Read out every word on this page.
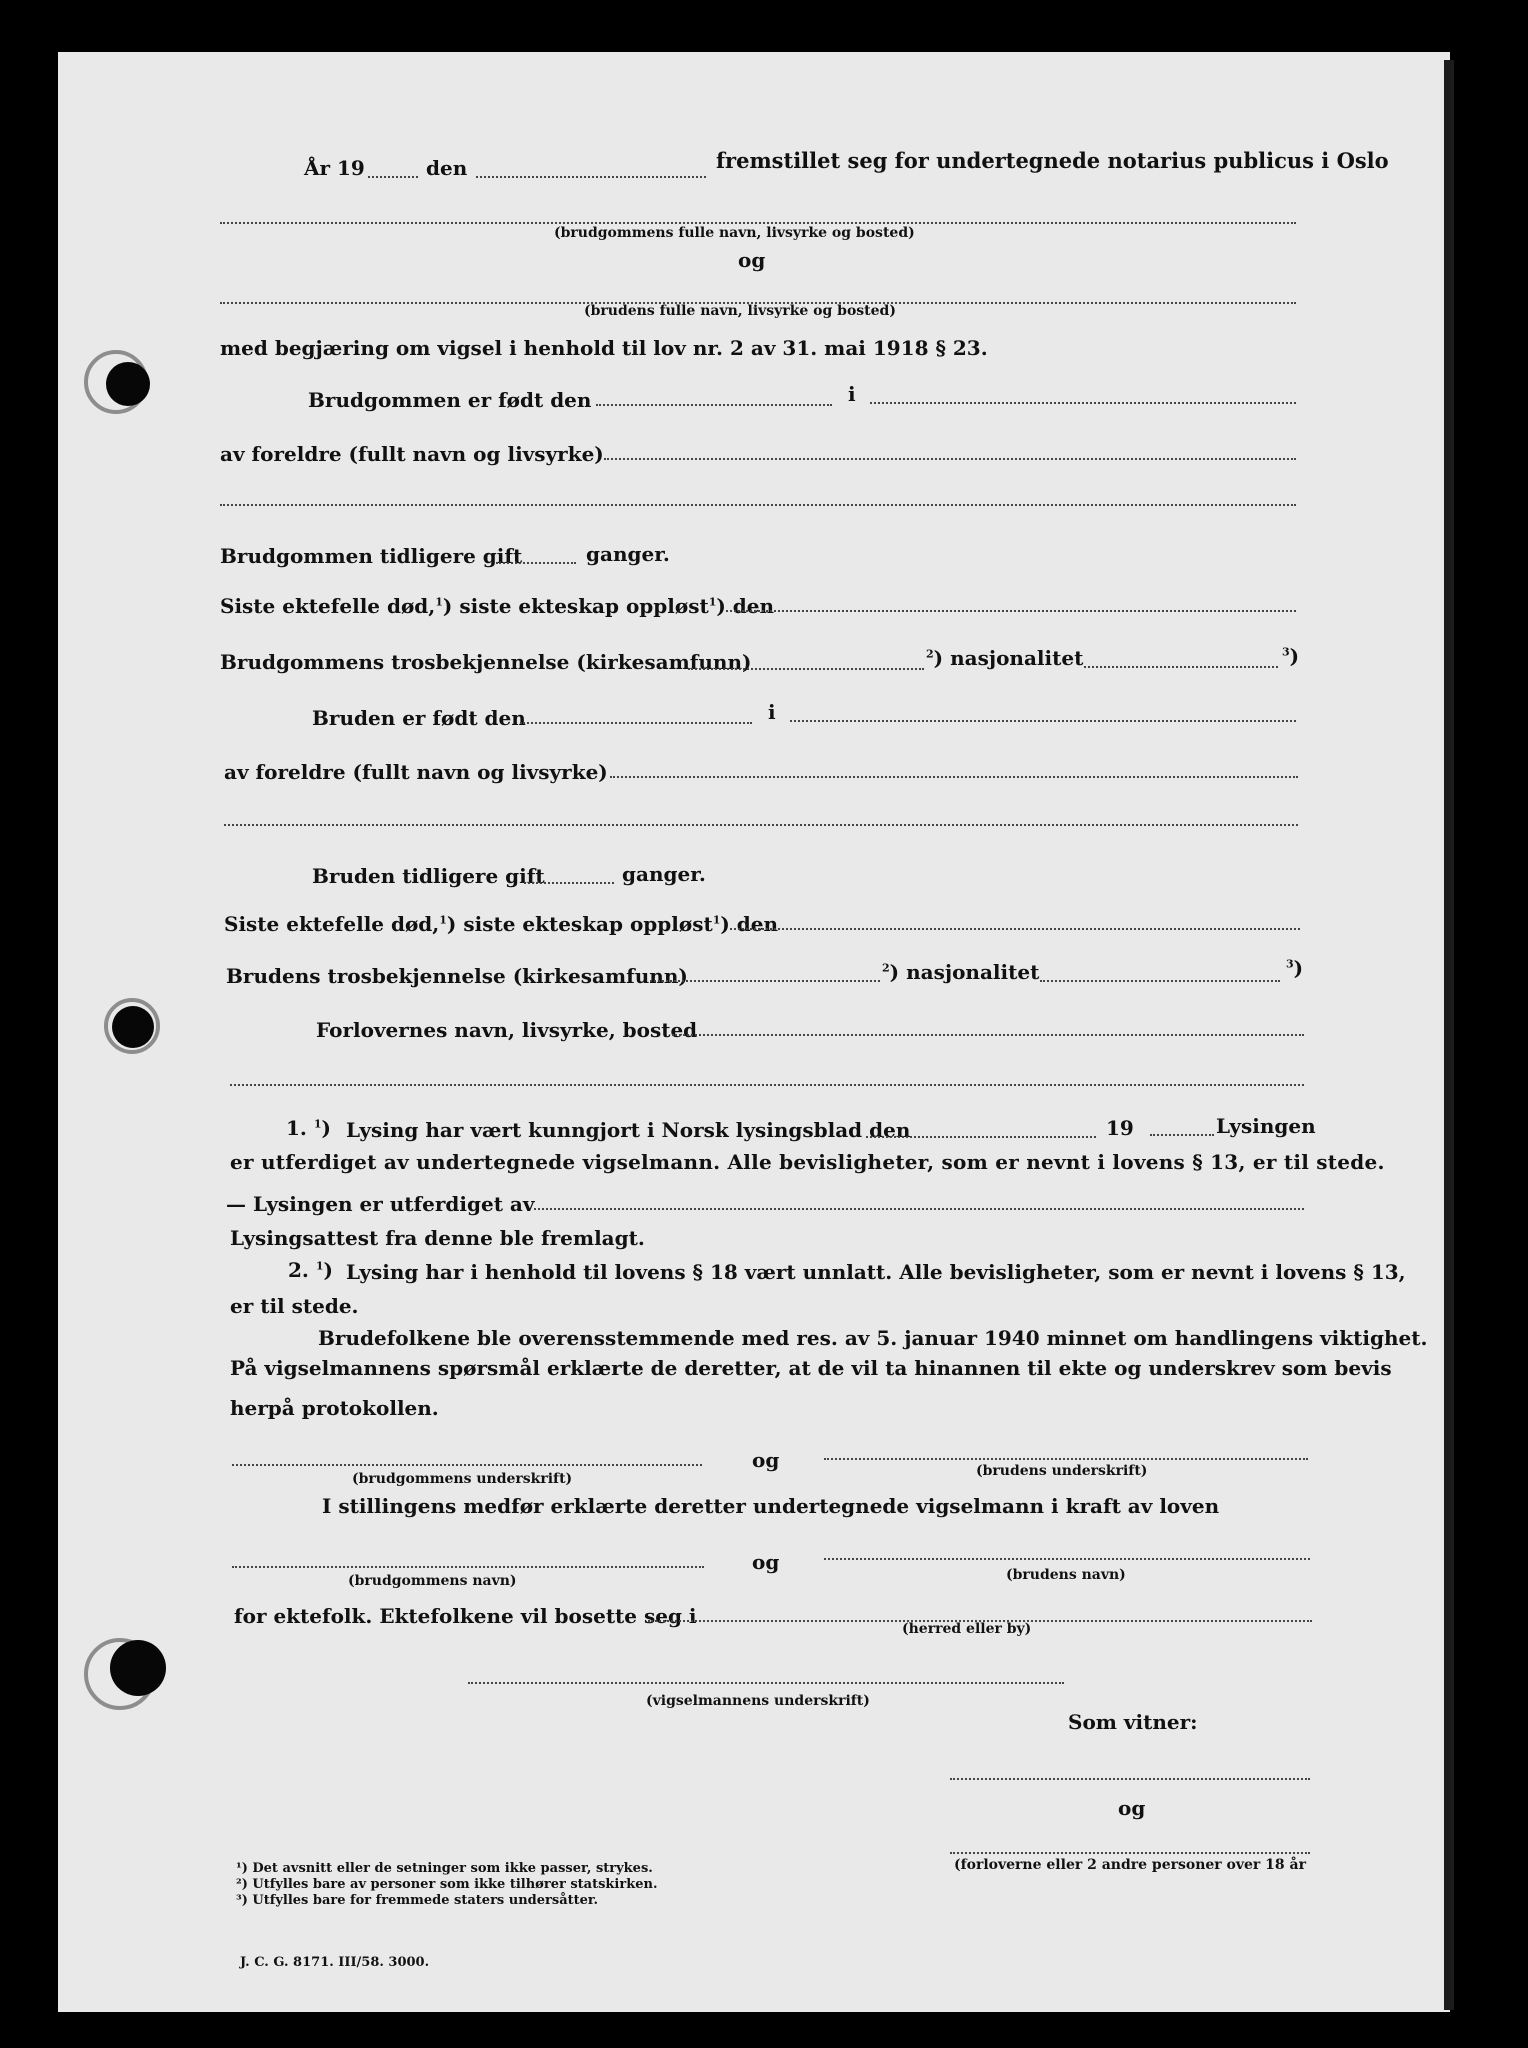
År 19	den	fremstillet seg for undertegnede notarius publicus i Oslo
(brudgommens fulle navn, livsyrke og bosted)
og
(brudens fulle navn, livsyrke og bosted)
med begjæring om vigsel i henhold til lov nr. 2 av 31. mai 1918 § 23.
Brudgommen er født den	i
av foreldre (fullt navn og livsyrke)
Brudgommen tidligere gift	ganger.
Siste ektefelle død,$^1$) siste ekteskap oppløst$^1$) den
Brudgommens trosbekjennelse (kirkesamfunn)	$^2$) nasjonalitet	$^3$)
Bruden er født den	i
av foreldre (fullt navn og livsyrke)
Bruden tidligere gift	ganger.
Siste ektefelle død,$^1$) siste ekteskap oppløst$^1$) den
Brudens trosbekjennelse (kirkesamfunn)	$^2$) nasjonalitet	$^3$)
Forlovernes navn, livsyrke, bosted
1. $^1$) Lysing har vært kunngjort i Norsk lysingsblad den	19	Lysingen
er utferdiget av undertegnede vigselmann. Alle bevisligheter, som er nevnt i lovens § 13, er til stede.
— Lysingen er utferdiget av
Lysingsattest fra denne ble fremlagt.
2. $^1$) Lysing har i henhold til lovens § 18 vært unnlatt. Alle bevisligheter, som er nevnt i lovens § 13,
er til stede.
Brudefolkene ble overensstemmende med res. av 5. januar 1940 minnet om handlingens viktighet.
På vigselmannens spørsmål erklærte de deretter, at de vil ta hinannen til ekte og underskrev som bevis
herpå protokollen.
og
(brudgommens underskrift)	(brudens underskrift)
I stillingens medfør erklærte deretter undertegnede vigselmann i kraft av loven
og
(brudgommens navn)	(brudens navn)
for ektefolk. Ektefolkene vil bosette seg i
(herred eller by)
(vigselmannens underskrift)
Som vitner:
og
(forloverne eller 2 andre personer over 18 år
¹) Det avsnitt eller de setninger som ikke passer, strykes.
²) Utfylles bare av personer som ikke tilhører statskirken.
³) Utfylles bare for fremmede staters undersåtter.
J. C. G. 8171. III/58. 3000.
